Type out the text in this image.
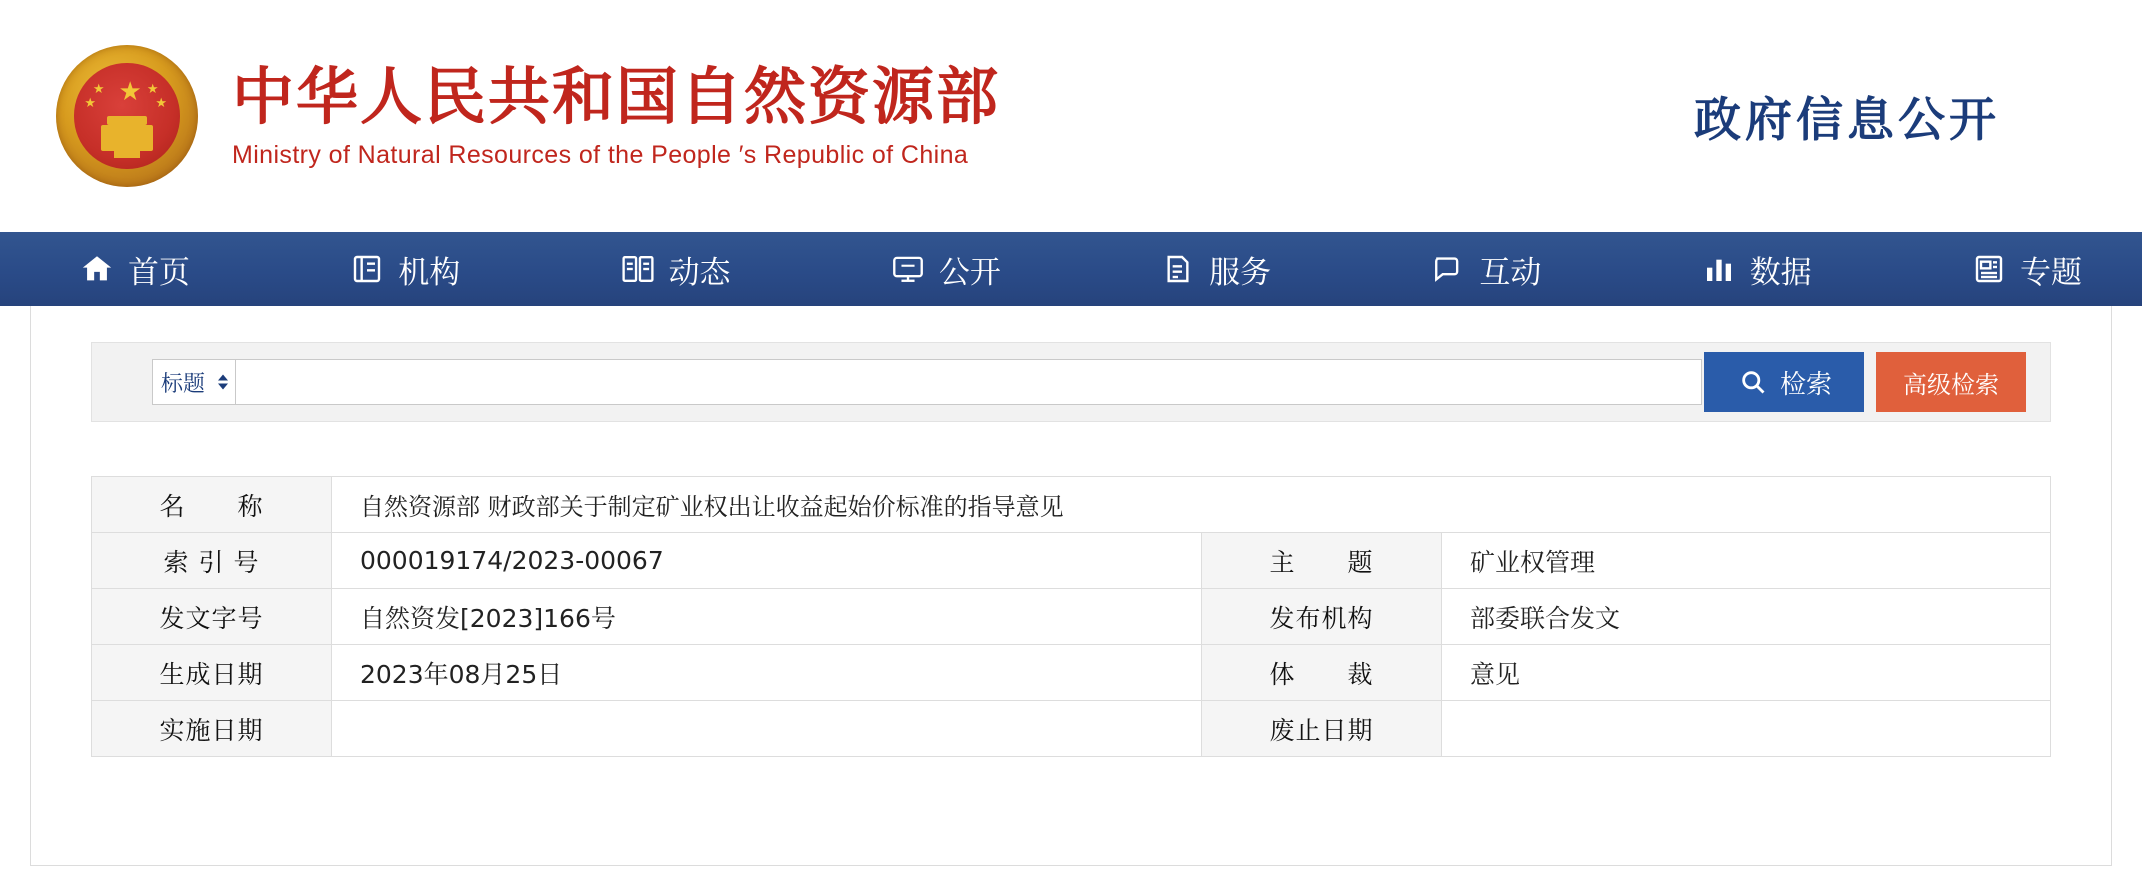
★
★
★
★
★ 中华人民共和国自然资源部
Ministry of Natural Resources of the People ′s Republic of China
政府信息公开
首页	机构	动态	公开	服务	互动	数据	专题
标题	检索	高级检索
名　　称	自然资源部 财政部关于制定矿业权出让收益起始价标准的指导意见		
索 引 号	000019174/2023-00067	主　　题	矿业权管理
发文字号	自然资发[2023]166号	发布机构	部委联合发文
生成日期	2023年08月25日	体　　裁	意见
实施日期		废止日期	
